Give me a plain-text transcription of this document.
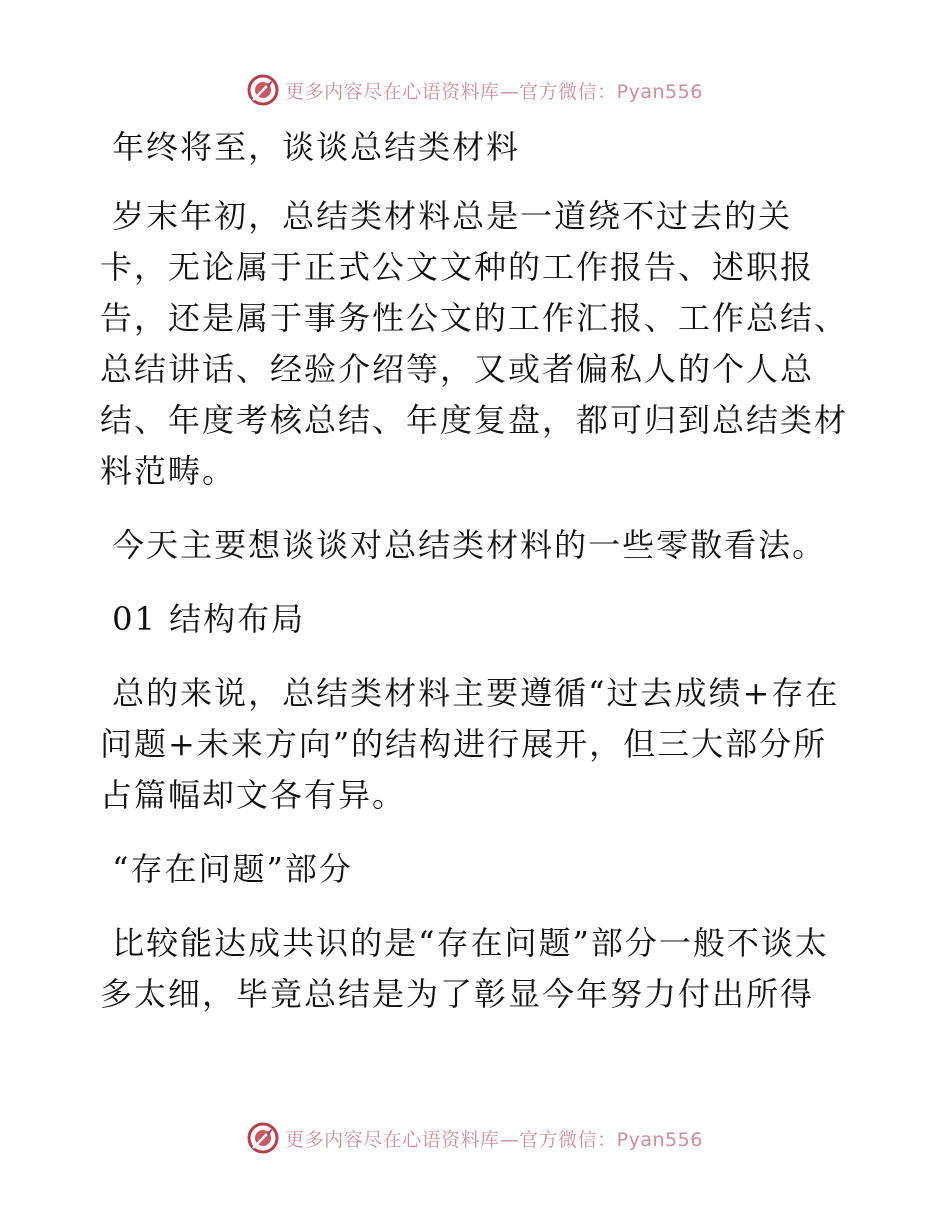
更多内容尽在心语资料库—官方微信：Pyan556
年终将至，谈谈总结类材料
岁末年初，总结类材料总是一道绕不过去的关卡，无论属于正式公文文种的工作报告、述职报告，还是属于事务性公文的工作汇报、工作总结、总结讲话、经验介绍等，又或者偏私人的个人总结、年度考核总结、年度复盘，都可归到总结类材料范畴。
今天主要想谈谈对总结类材料的一些零散看法。
01 结构布局
总的来说，总结类材料主要遵循“过去成绩+存在问题+未来方向”的结构进行展开，但三大部分所占篇幅却文各有异。
“存在问题”部分
比较能达成共识的是“存在问题”部分一般不谈太多太细，毕竟总结是为了彰显今年努力付出所得
更多内容尽在心语资料库—官方微信：Pyan556
